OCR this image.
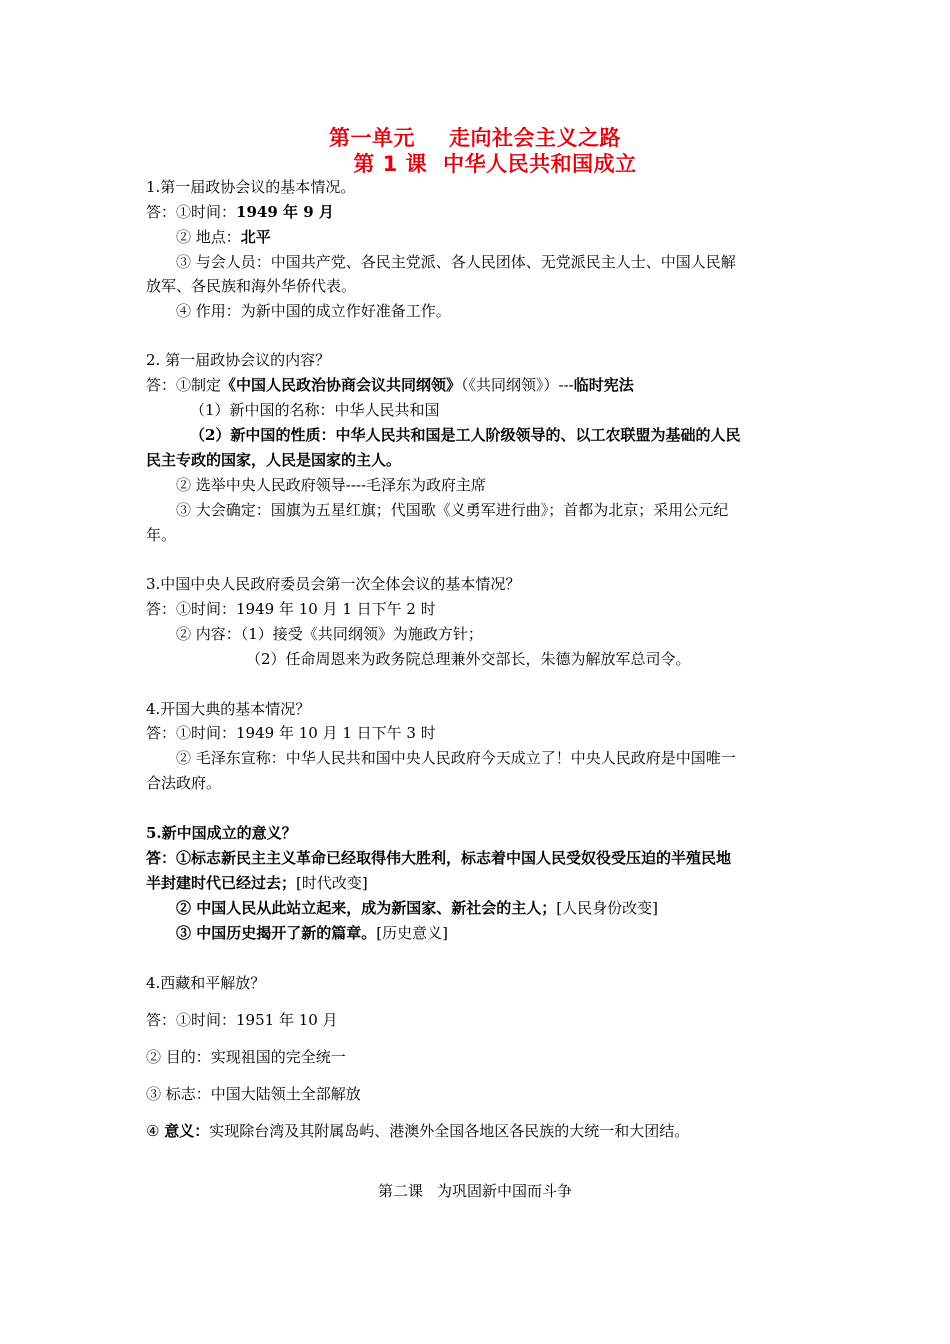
第一单元 走向社会主义之路
第 1 课 中华人民共和国成立
1.第一届政协会议的基本情况。
答：①时间：1949 年 9 月
② 地点：北平
③ 与会人员：中国共产党、各民主党派、各人民团体、无党派民主人士、中国人民解
放军、各民族和海外华侨代表。
④ 作用：为新中国的成立作好准备工作。
2. 第一届政协会议的内容？
答：①制定《中国人民政治协商会议共同纲领》（《共同纲领》）---临时宪法
（1）新中国的名称：中华人民共和国
（2）新中国的性质：中华人民共和国是工人阶级领导的、以工农联盟为基础的人民
民主专政的国家，人民是国家的主人。
② 选举中央人民政府领导----毛泽东为政府主席
③ 大会确定：国旗为五星红旗；代国歌《义勇军进行曲》；首都为北京；采用公元纪
年。
3.中国中央人民政府委员会第一次全体会议的基本情况？
答：①时间：1949 年 10 月 1 日下午 2 时
② 内容：（1）接受《共同纲领》为施政方针；
（2）任命周恩来为政务院总理兼外交部长，朱德为解放军总司令。
4.开国大典的基本情况？
答：①时间：1949 年 10 月 1 日下午 3 时
② 毛泽东宣称：中华人民共和国中央人民政府今天成立了！中央人民政府是中国唯一
合法政府。
5.新中国成立的意义？
答：①标志新民主主义革命已经取得伟大胜利，标志着中国人民受奴役受压迫的半殖民地
半封建时代已经过去；[时代改变]
② 中国人民从此站立起来，成为新国家、新社会的主人；[人民身份改变]
③ 中国历史揭开了新的篇章。[历史意义]
4.西藏和平解放？
答：①时间：1951 年 10 月
② 目的：实现祖国的完全统一
③ 标志：中国大陆领土全部解放
④ 意义：实现除台湾及其附属岛屿、港澳外全国各地区各民族的大统一和大团结。
第二课 为巩固新中国而斗争
